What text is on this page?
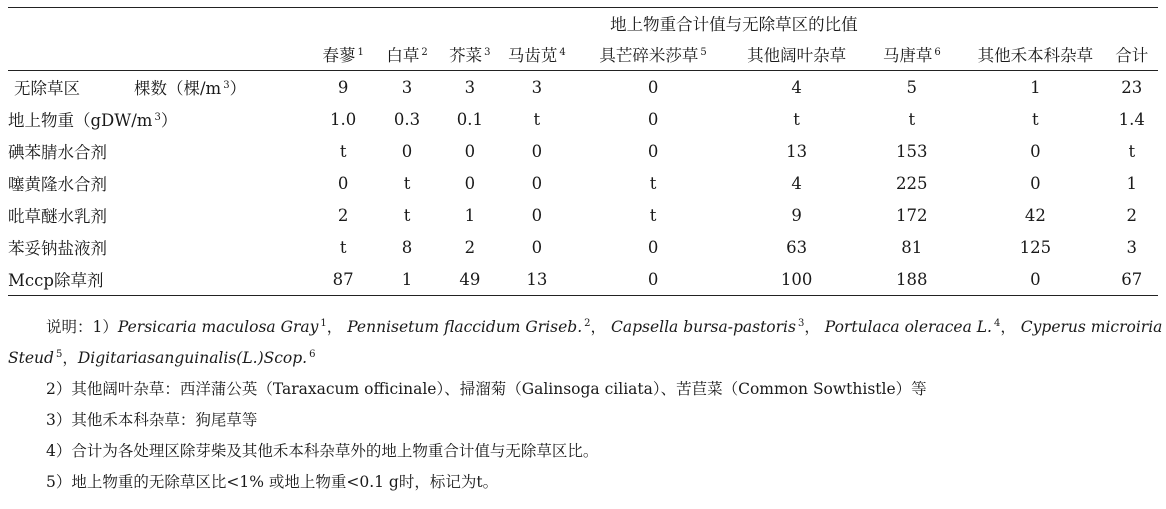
	地上物重合计值与无除草区的比值								
	春蓼 $^1$	白草 $^2$	芥菜 $^3$	马齿苋 $^4$	具芒碎米莎草 $^5$	其他阔叶杂草	马唐草 $^6$	其他禾本科杂草	合计
无除草区 棵数（棵/m $^3$）	9	3	3	3	0	4	5	1	23
地上物重（gDW/m $^3$）	1.0	0.3	0.1	t	0	t	t	t	1.4
碘苯腈水合剂	t	0	0	0	0	13	153	0	t
噻黄隆水合剂	0	t	0	0	t	4	225	0	1
吡草醚水乳剂	2	t	1	0	t	9	172	42	2
苯妥钠盐液剂	t	8	2	0	0	63	81	125	3
Mccp除草剂	87	1	49	13	0	100	188	0	67
说明：1）Persicaria maculosa Gray $^1$， Pennisetum flaccidum Griseb. $^2$， Capsella bursa-pastoris $^3$， Portulaca oleracea L. $^4$， Cyperus microiria
Steud $^5$，Digitariasanguinalis(L.)Scop. $^6$
2）其他阔叶杂草：西洋蒲公英（Taraxacum officinale）、掃溜菊（Galinsoga ciliata）、苦苣菜（Common Sowthistle）等
3）其他禾本科杂草：狗尾草等
4）合计为各处理区除芽柴及其他禾本科杂草外的地上物重合计值与无除草区比。
5）地上物重的无除草区比<1% 或地上物重<0.1 g时，标记为t。
